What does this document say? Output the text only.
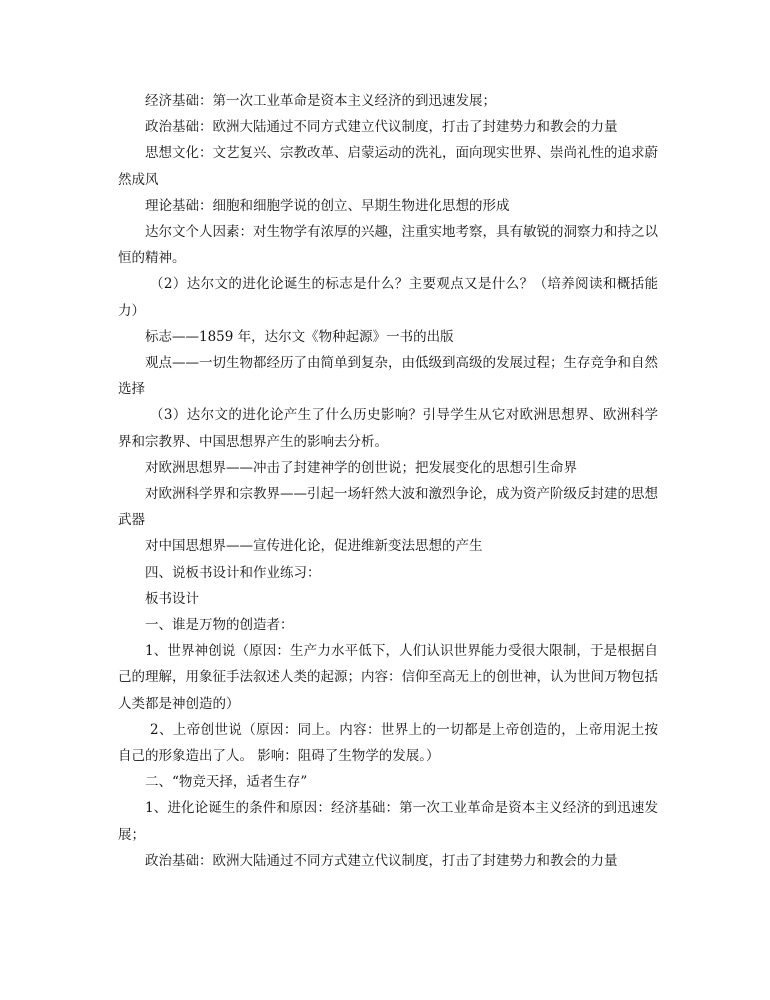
经济基础：第一次工业革命是资本主义经济的到迅速发展；

政治基础：欧洲大陆通过不同方式建立代议制度，打击了封建势力和教会的力量

思想文化：文艺复兴、宗教改革、启蒙运动的洗礼，面向现实世界、崇尚礼性的追求蔚然成风

理论基础：细胞和细胞学说的创立、早期生物进化思想的形成

达尔文个人因素：对生物学有浓厚的兴趣，注重实地考察，具有敏锐的洞察力和持之以恒的精神。

（2）达尔文的进化论诞生的标志是什么？主要观点又是什么？（培养阅读和概括能力）

标志——1859 年，达尔文《物种起源》一书的出版

观点——一切生物都经历了由简单到复杂，由低级到高级的发展过程；生存竞争和自然选择

（3）达尔文的进化论产生了什么历史影响？引导学生从它对欧洲思想界、欧洲科学界和宗教界、中国思想界产生的影响去分析。

对欧洲思想界——冲击了封建神学的创世说；把发展变化的思想引生命界

对欧洲科学界和宗教界——引起一场轩然大波和激烈争论，成为资产阶级反封建的思想武器

对中国思想界——宣传进化论，促进维新变法思想的产生

四、说板书设计和作业练习：

板书设计

一、谁是万物的创造者：

1、世界神创说（原因：生产力水平低下，人们认识世界能力受很大限制，于是根据自己的理解，用象征手法叙述人类的起源；内容：信仰至高无上的创世神，认为世间万物包括人类都是神创造的）

2、上帝创世说（原因：同上。内容：世界上的一切都是上帝创造的，上帝用泥土按自己的形象造出了人。 影响：阻碍了生物学的发展。）

二、“物竞天择，适者生存”

1、进化论诞生的条件和原因：经济基础：第一次工业革命是资本主义经济的到迅速发展；

政治基础：欧洲大陆通过不同方式建立代议制度，打击了封建势力和教会的力量
